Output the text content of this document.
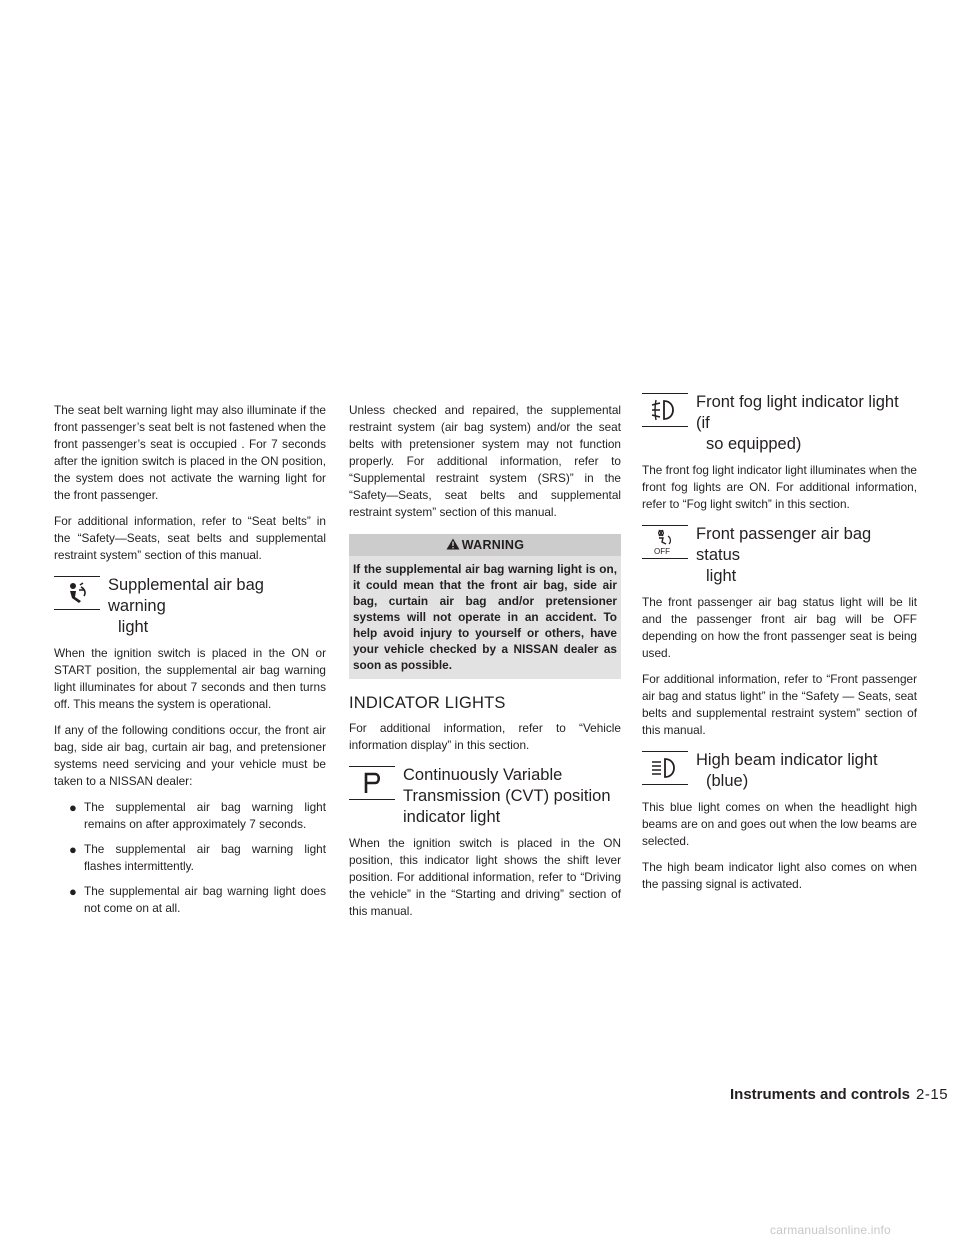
The seat belt warning light may also illuminate if the front passenger’s seat belt is not fastened when the front passenger’s seat is occupied . For 7 seconds after the ignition switch is placed in the ON position, the system does not activate the warning light for the front passenger.

For additional information, refer to “Seat belts” in the “Safety—Seats, seat belts and supplemental restraint system” section of this manual.

Supplemental air bag warning
light

When the ignition switch is placed in the ON or START position, the supplemental air bag warning light illuminates for about 7 seconds and then turns off. This means the system is operational.

If any of the following conditions occur, the front air bag, side air bag, curtain air bag, and pretensioner systems need servicing and your vehicle must be taken to a NISSAN dealer:

● The supplemental air bag warning light remains on after approximately 7 seconds.
● The supplemental air bag warning light flashes intermittently.
● The supplemental air bag warning light does not come on at all.

Unless checked and repaired, the supplemental restraint system (air bag system) and/or the seat belts with pretensioner system may not function properly. For additional information, refer to “Supplemental restraint system (SRS)” in the “Safety—Seats, seat belts and supplemental restraint system” section of this manual.

WARNING
If the supplemental air bag warning light is on, it could mean that the front air bag, side air bag, curtain air bag and/or pretensioner systems will not operate in an accident. To help avoid injury to yourself or others, have your vehicle checked by a NISSAN dealer as soon as possible.
INDICATOR LIGHTS

For additional information, refer to “Vehicle information display” in this section.

Continuously Variable
Transmission (CVT) position
indicator light

When the ignition switch is placed in the ON position, this indicator light shows the shift lever position. For additional information, refer to “Driving the vehicle” in the “Starting and driving” section of this manual.

Front fog light indicator light (if
so equipped)

The front fog light indicator light illuminates when the front fog lights are ON. For additional information, refer to “Fog light switch” in this section.

OFF
Front passenger air bag status
light

The front passenger air bag status light will be lit and the passenger front air bag will be OFF depending on how the front passenger seat is being used.

For additional information, refer to “Front passenger air bag and status light” in the “Safety — Seats, seat belts and supplemental restraint system” section of this manual.

High beam indicator light
(blue)

This blue light comes on when the headlight high beams are on and goes out when the low beams are selected.

The high beam indicator light also comes on when the passing signal is activated.

Instruments and controls 2-15
carmanualsonline.info
